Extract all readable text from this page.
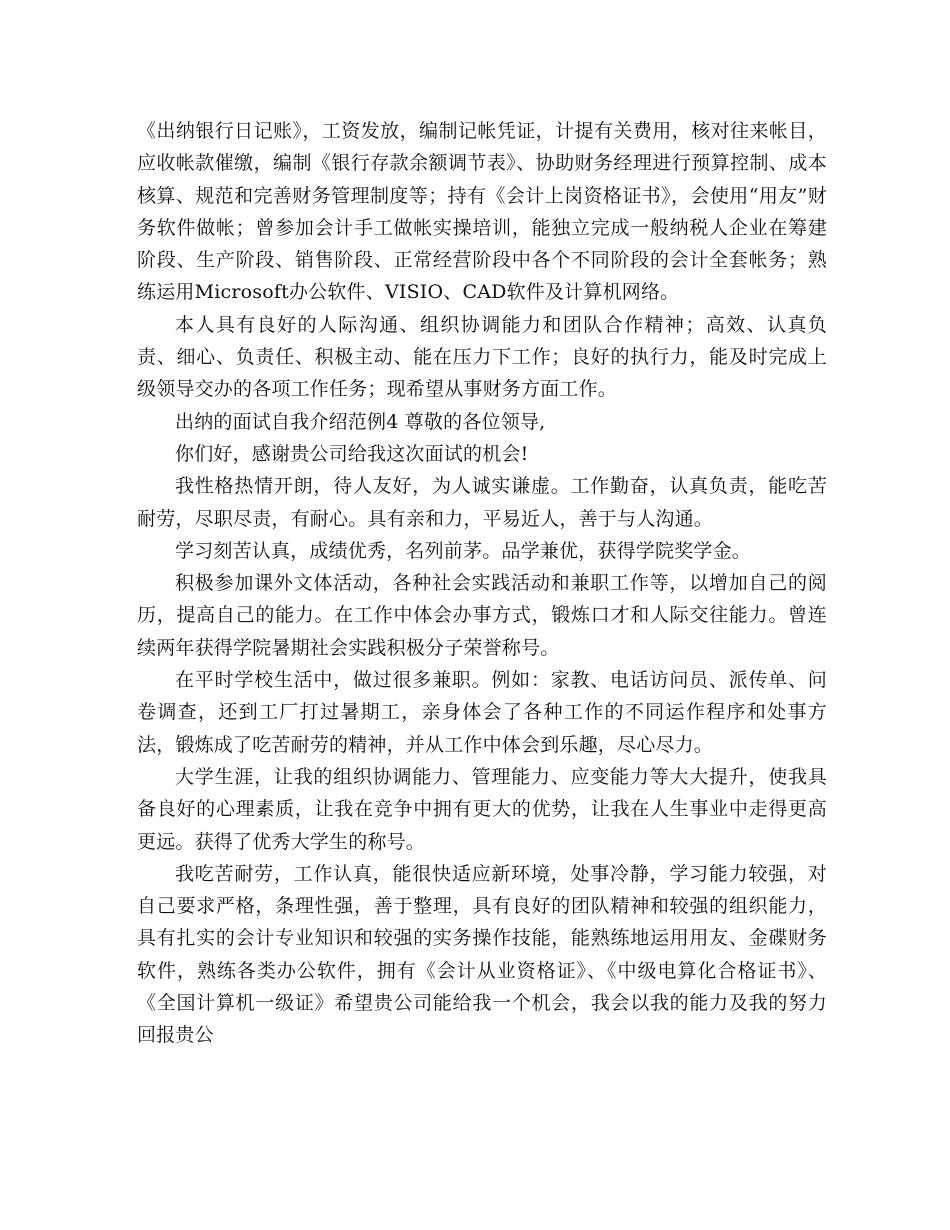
《出纳银行日记账》，工资发放，编制记帐凭证，计提有关费用，核对往来帐目，应收帐款催缴，编制《银行存款余额调节表》、协助财务经理进行预算控制、成本核算、规范和完善财务管理制度等；持有《会计上岗资格证书》，会使用“用友”财务软件做帐；曾参加会计手工做帐实操培训，能独立完成一般纳税人企业在筹建阶段、生产阶段、销售阶段、正常经营阶段中各个不同阶段的会计全套帐务；熟练运用Microsoft办公软件、VISIO、CAD软件及计算机网络。

本人具有良好的人际沟通、组织协调能力和团队合作精神；高效、认真负责、细心、负责任、积极主动、能在压力下工作；良好的执行力，能及时完成上级领导交办的各项工作任务；现希望从事财务方面工作。

出纳的面试自我介绍范例4 尊敬的各位领导,

你们好，感谢贵公司给我这次面试的机会!

我性格热情开朗，待人友好，为人诚实谦虚。工作勤奋，认真负责，能吃苦耐劳，尽职尽责，有耐心。具有亲和力，平易近人，善于与人沟通。

学习刻苦认真，成绩优秀，名列前茅。品学兼优，获得学院奖学金。

积极参加课外文体活动，各种社会实践活动和兼职工作等，以增加自己的阅历，提高自己的能力。在工作中体会办事方式，锻炼口才和人际交往能力。曾连续两年获得学院暑期社会实践积极分子荣誉称号。

在平时学校生活中，做过很多兼职。例如：家教、电话访问员、派传单、问卷调查，还到工厂打过暑期工，亲身体会了各种工作的不同运作程序和处事方法，锻炼成了吃苦耐劳的精神，并从工作中体会到乐趣，尽心尽力。

大学生涯，让我的组织协调能力、管理能力、应变能力等大大提升，使我具备良好的心理素质，让我在竞争中拥有更大的优势，让我在人生事业中走得更高更远。获得了优秀大学生的称号。

我吃苦耐劳，工作认真，能很快适应新环境，处事冷静，学习能力较强，对自己要求严格，条理性强，善于整理，具有良好的团队精神和较强的组织能力，具有扎实的会计专业知识和较强的实务操作技能，能熟练地运用用友、金碟财务软件，熟练各类办公软件，拥有《会计从业资格证》、《中级电算化合格证书》、《全国计算机一级证》希望贵公司能给我一个机会，我会以我的能力及我的努力回报贵公
